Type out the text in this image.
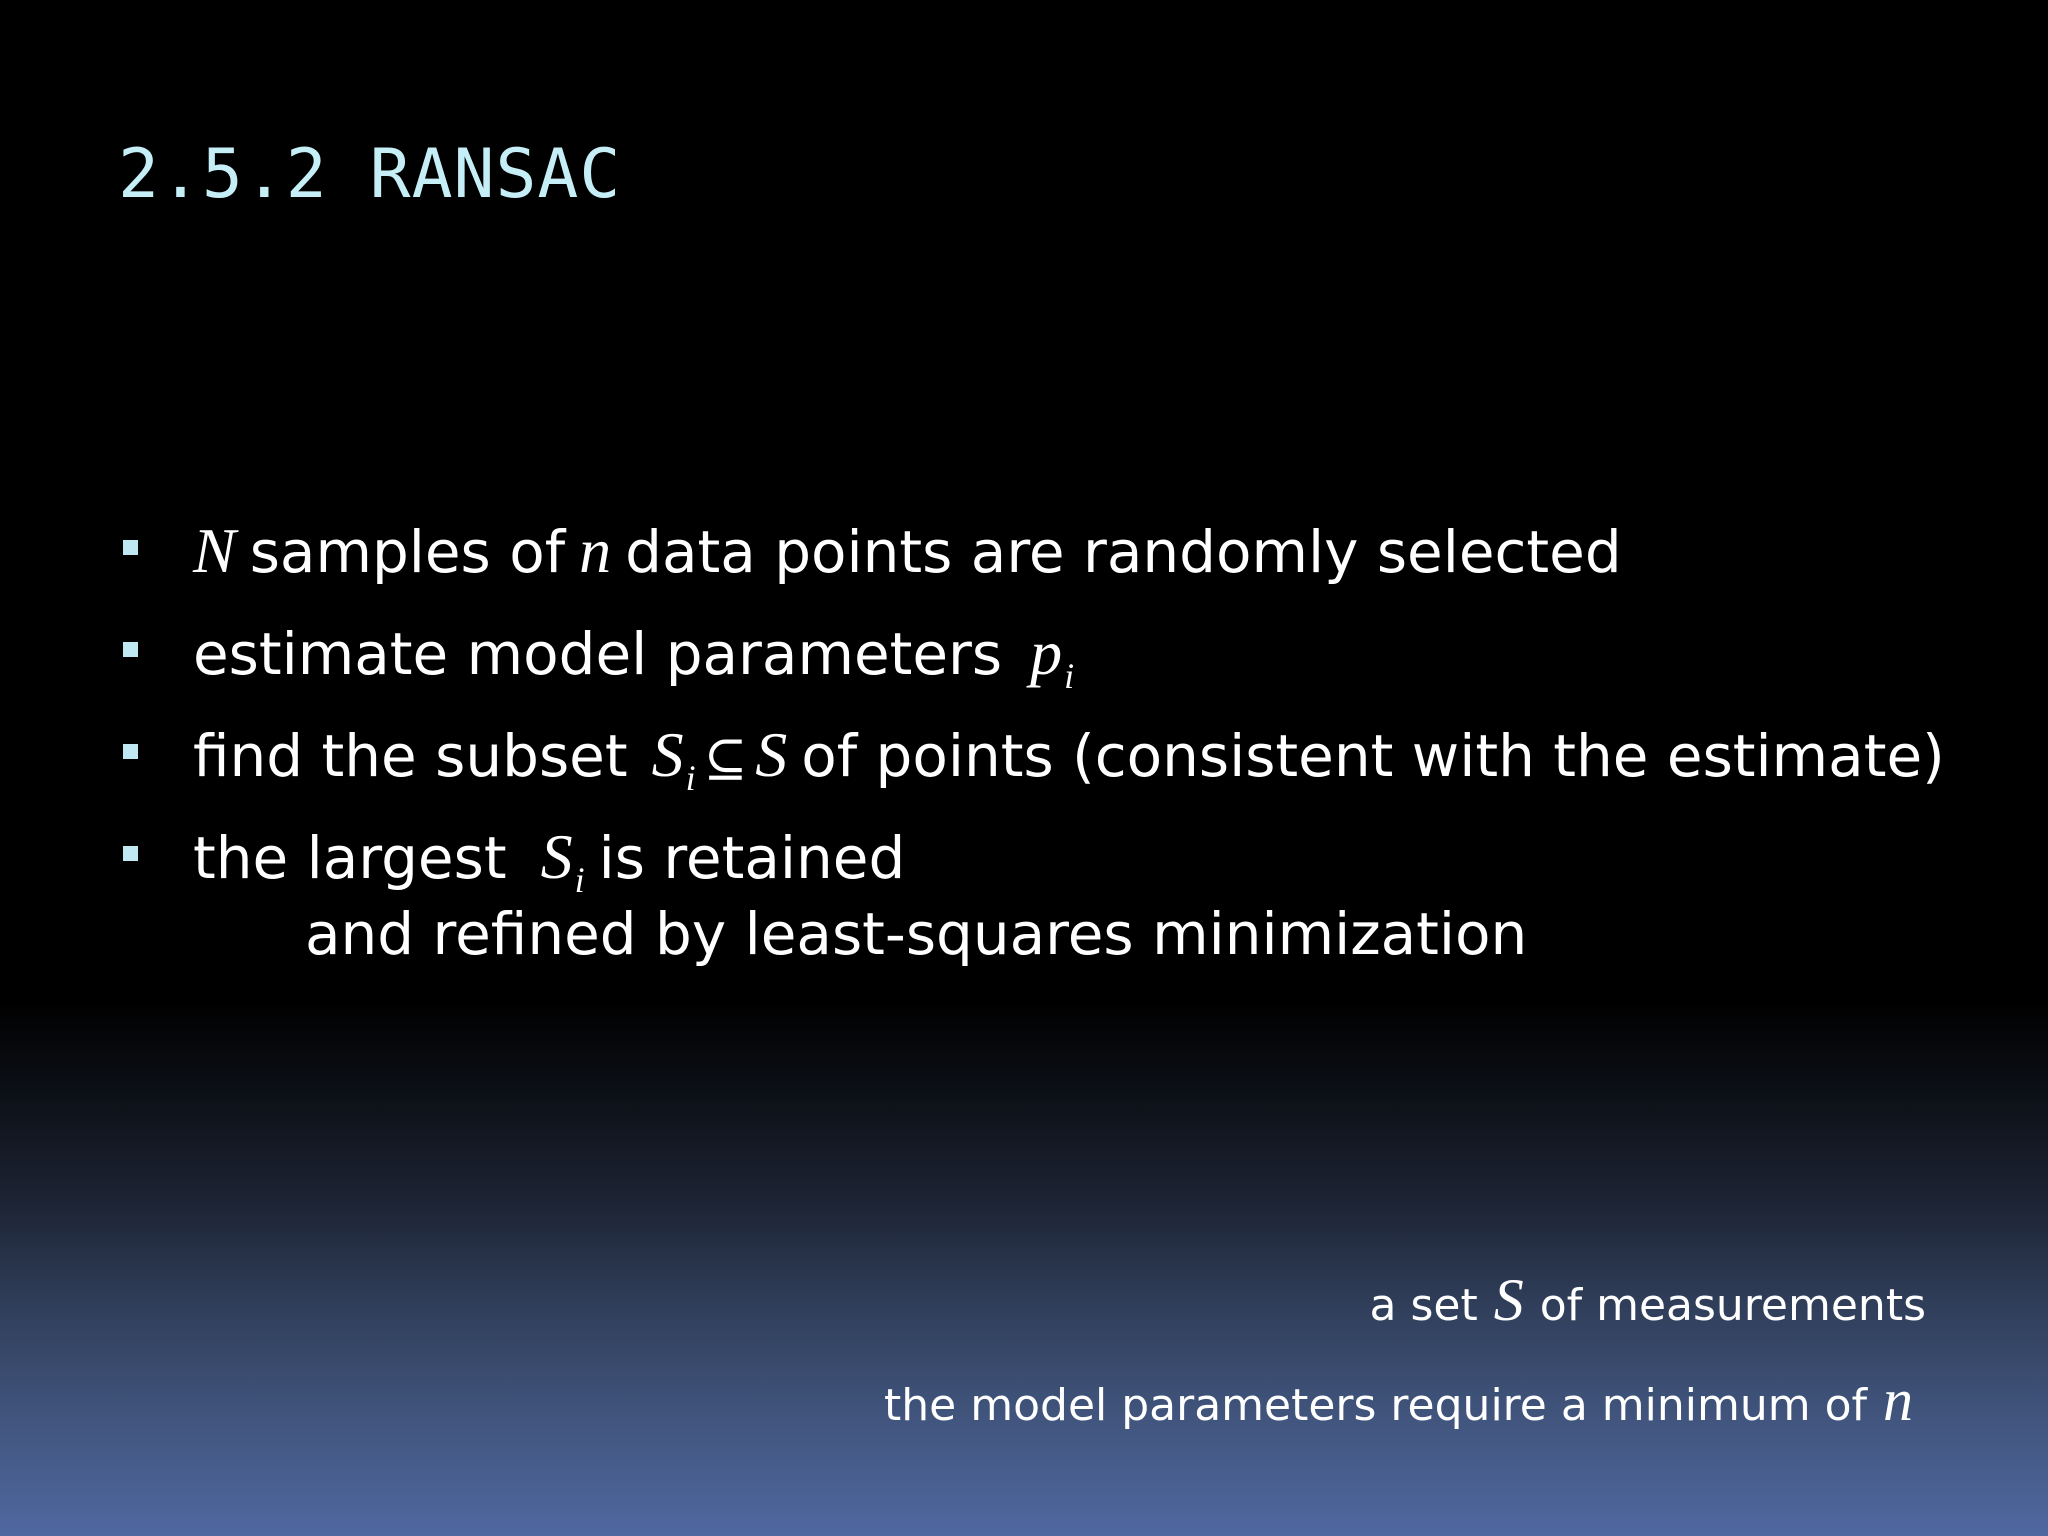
2.5.2 RANSAC
N samples of n data points are randomly selected
estimate model parameters $p_i$
find the subset $S_i$ ⊆ S of points (consistent with the estimate)
the largest $S_i$ is retained
and refined by least-squares minimization
a set S of measurements
the model parameters require a minimum of n
